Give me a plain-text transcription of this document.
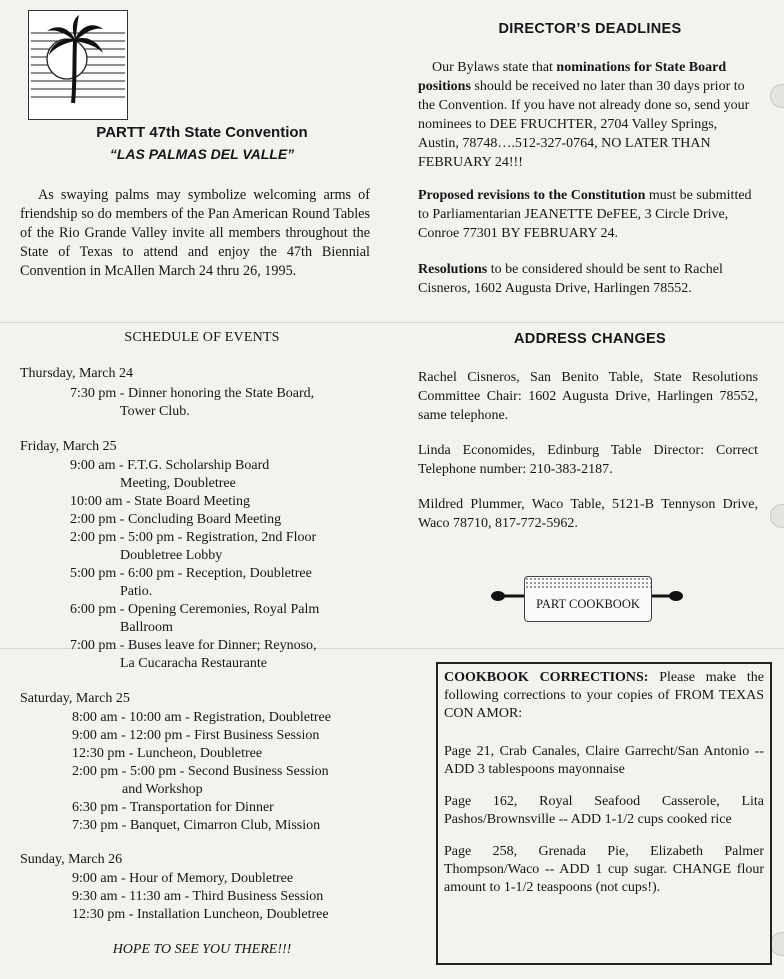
PARTT 47th State Convention
“LAS PALMAS DEL VALLE”
As swaying palms may symbolize welcoming arms of friendship so do members of the Pan American Round Tables of the Rio Grande Valley invite all members throughout the State of Texas to attend and enjoy the 47th Biennial Convention in McAllen March 24 thru 26, 1995.
SCHEDULE OF EVENTS
Thursday, March 24
7:30 pm - Dinner honoring the State Board,
Tower Club.
Friday, March 25
9:00 am - F.T.G. Scholarship Board
Meeting, Doubletree
10:00 am - State Board Meeting
2:00 pm - Concluding Board Meeting
2:00 pm - 5:00 pm - Registration, 2nd Floor
Doubletree Lobby
5:00 pm - 6:00 pm - Reception, Doubletree
Patio.
6:00 pm - Opening Ceremonies, Royal Palm
Ballroom
7:00 pm - Buses leave for Dinner; Reynoso,
La Cucaracha Restaurante
Saturday, March 25
8:00 am - 10:00 am - Registration, Doubletree
9:00 am - 12:00 pm - First Business Session
12:30 pm - Luncheon, Doubletree
2:00 pm - 5:00 pm - Second Business Session
and Workshop
6:30 pm - Transportation for Dinner
7:30 pm - Banquet, Cimarron Club, Mission
Sunday, March 26
9:00 am - Hour of Memory, Doubletree
9:30 am - 11:30 am - Third Business Session
12:30 pm - Installation Luncheon, Doubletree
HOPE TO SEE YOU THERE!!!
DIRECTOR’S DEADLINES
Our Bylaws state that nominations for State Board positions should be received no later than 30 days prior to the Convention. If you have not already done so, send your nominees to DEE FRUCHTER, 2704 Valley Springs, Austin, 78748….512-327-0764, NO LATER THAN FEBRUARY 24!!!
Proposed revisions to the Constitution must be submitted to Parliamentarian JEANETTE DeFEE, 3 Circle Drive, Conroe 77301 BY FEBRUARY 24.
Resolutions to be considered should be sent to Rachel Cisneros, 1602 Augusta Drive, Harlingen 78552.
ADDRESS CHANGES
Rachel Cisneros, San Benito Table, State Resolutions Committee Chair: 1602 Augusta Drive, Harlingen 78552, same telephone.
Linda Economides, Edinburg Table Director: Correct Telephone number: 210-383-2187.
Mildred Plummer, Waco Table, 5121-B Tennyson Drive, Waco 78710, 817-772-5962.
PART COOKBOOK

COOKBOOK CORRECTIONS: Please make the following corrections to your copies of FROM TEXAS CON AMOR:

Page 21, Crab Canales, Claire Garrecht/San Antonio -- ADD 3 tablespoons mayonnaise

Page 162, Royal Seafood Casserole, Lita Pashos/Brownsville -- ADD 1-1/2 cups cooked rice

Page 258, Grenada Pie, Elizabeth Palmer Thompson/Waco -- ADD 1 cup sugar. CHANGE flour amount to 1-1/2 teaspoons (not cups!).
